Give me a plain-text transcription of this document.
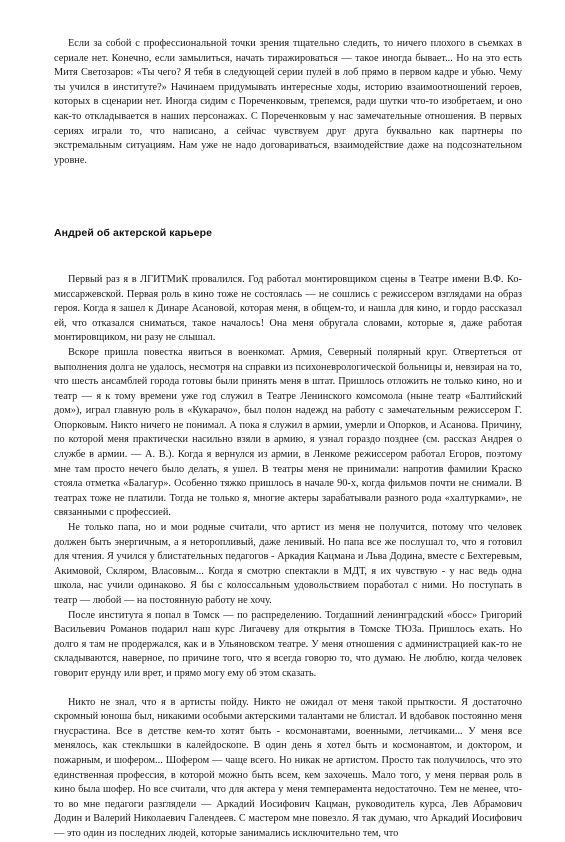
Если за собой с профессиональной точки зрения тщательно следить, то ничего плохого в съемках в сериале нет. Конечно, если замылиться, начать тиражироваться — такое иногда бывает... Но на это есть Митя Светозаров: «Ты чего? Я тебя в следующей серии пулей в лоб прямо в первом кадре и убью. Чему ты учился в институте?» Начинаем придумывать интересные ходы, историю взаимоотношений героев, которых в сценарии нет. Иногда сидим с Пореченковым, трепемся, ради шутки что-то изобретаем, и оно как-то откладывается в наших персонажах. С Пореченковым у нас замечательные отношения. В первых сериях играли то, что написано, а сейчас чувствуем друг друга буквально как партнеры по экстремальным ситуациям. Нам уже не надо договариваться, взаимодействие даже на подсознательном уровне.

Андрей об актерской карьере

Первый раз я в ЛГИТМиК провалился. Год работал монтировщиком сцены в Театре имени В.Ф. Ко-миссаржевской. Первая роль в кино тоже не состоялась — не сошлись с режиссером взглядами на образ героя. Когда я зашел к Динаре Асановой, которая меня, в общем-то, и нашла для кино, и гордо рассказал ей, что отказался сниматься, такое началось! Она меня обругала словами, которые я, даже работая монтировщиком, ни разу не слышал.

Вскоре пришла повестка явиться в военкомат. Армия, Северный полярный круг. Отвертеться от выполнения долга не удалось, несмотря на справки из психоневрологической больницы и, невзирая на то, что шесть ансамблей города готовы были принять меня в штат. Пришлось отложить не только кино, но и театр — я к тому времени уже год служил в Театре Ленинского комсомола (ныне театр «Балтийский дом»), играл главную роль в «Кукарачо», был полон надежд на работу с замечательным режиссером Г. Опорковым. Никто ничего не понимал. А пока я служил в армии, умерли и Опорков, и Асанова. Причину, по которой меня практически насильно взяли в армию, я узнал гораздо позднее (см. рассказ Андрея о службе в армии. — А. В.). Когда я вернулся из армии, в Ленкоме режиссером работал Егоров, поэтому мне там просто нечего было делать, я ушел. В театры меня не принимали: напротив фамилии Краско стояла отметка «Балагур». Особенно тяжко пришлось в начале 90-х, когда фильмов почти не снимали. В театрах тоже не платили. Тогда не только я, многие актеры зарабатывали разного рода «халтурками», не связанными с профессией.

Не только папа, но и мои родные считали, что артист из меня не получится, потому что человек должен быть энергичным, а я неторопливый, даже ленивый. Но папа все же послушал то, что я готовил для чтения. Я учился у блистательных педагогов - Аркадия Кацмана и Льва Додина, вместе с Бехтеревым, Акимовой, Скляром, Власовым... Когда я смотрю спектакли в МДТ, я их чувствую - у нас ведь одна школа, нас учили одинаково. Я бы с колоссальным удовольствием поработал с ними. Но поступать в театр — любой — на постоянную работу не хочу.

После института я попал в Томск — по распределению. Тогдашний ленинградский «босс» Григорий Васильевич Романов подарил наш курс Лигачеву для открытия в Томске ТЮЗа. Пришлось ехать. Но долго я там не продержался, как и в Ульяновском театре. У меня отношения с администрацией как-то не складываются, наверное, по причине того, что я всегда говорю то, что думаю. Не люблю, когда человек говорит ерунду или врет, и прямо могу ему об этом сказать.

Никто не знал, что я в артисты пойду. Никто не ожидал от меня такой прыткости. Я достаточно скромный юноша был, никакими особыми актерскими талантами не блистал. И вдобавок постоянно меня гнусрастина. Все в детстве кем-то хотят быть - космонавтами, военными, летчиками... У меня все менялось, как стеклышки в калейдоскопе. В один день я хотел быть и космонавтом, и доктором, и пожарным, и шофером... Шофером — чаще всего. Но никак не артистом. Просто так получилось, что это единственная профессия, в которой можно быть всем, кем захочешь. Мало того, у меня первая роль в кино была шофер. Но все считали, что для актера у меня темперамента недостаточно. Тем не менее, что-то во мне педагоги разглядели — Аркадий Иосифович Кацман, руководитель курса, Лев Абрамович Додин и Валерий Николаевич Галендеев. С мастером мне повезло. Я так думаю, что Аркадий Иосифович — это один из последних людей, которые занимались исключительно тем, что
